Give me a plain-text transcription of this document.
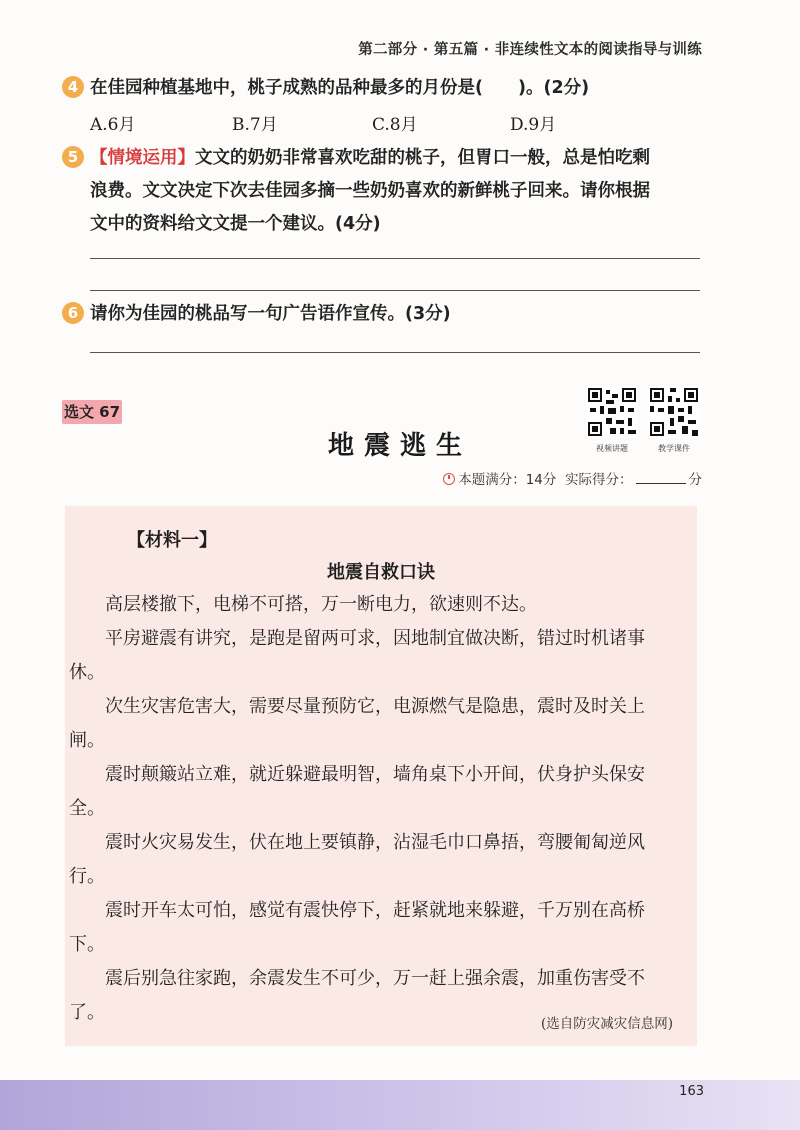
第二部分 · 第五篇 · 非连续性文本的阅读指导与训练
4 在佳园种植基地中，桃子成熟的品种最多的月份是(　　)。(2分)
A.6月	B.7月	C.8月	D.9月
5 【情境运用】文文的奶奶非常喜欢吃甜的桃子，但胃口一般，总是怕吃剩
浪费。文文决定下次去佳园多摘一些奶奶喜欢的新鲜桃子回来。请你根据
文中的资料给文文提一个建议。(4分)
6 请你为佳园的桃品写一句广告语作宣传。(3分)
选文 67
视频讲题	教学课件
地震逃生
本题满分：14分 实际得分：	分
【材料一】
地震自救口诀

高层楼撤下，电梯不可搭，万一断电力，欲速则不达。

平房避震有讲究，是跑是留两可求，因地制宜做决断，错过时机诸事休。

次生灾害危害大，需要尽量预防它，电源燃气是隐患，震时及时关上闸。

震时颠簸站立难，就近躲避最明智，墙角桌下小开间，伏身护头保安全。

震时火灾易发生，伏在地上要镇静，沾湿毛巾口鼻捂，弯腰匍匐逆风行。

震时开车太可怕，感觉有震快停下，赶紧就地来躲避，千万别在高桥下。

震后别急往家跑，余震发生不可少，万一赶上强余震，加重伤害受不了。

(选自防灾减灾信息网)
163
